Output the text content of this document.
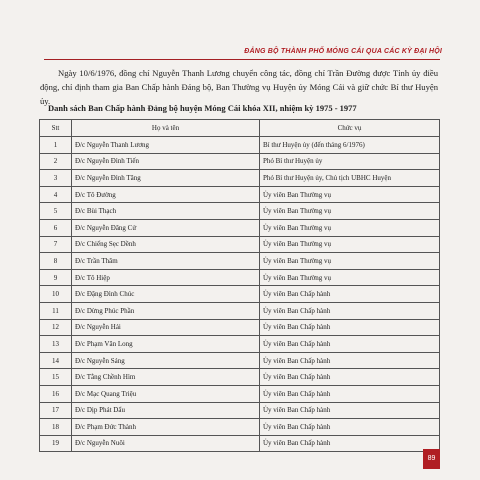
ĐẢNG BỘ THÀNH PHỐ MÓNG CÁI QUA CÁC KỲ ĐẠI HỘI

Ngày 10/6/1976, đồng chí Nguyễn Thanh Lương chuyển công tác, đồng chí Trần Đường được Tỉnh ủy điều động, chỉ định tham gia Ban Chấp hành Đảng bộ, Ban Thường vụ Huyện ủy Móng Cái và giữ chức Bí thư Huyện ủy.

Danh sách Ban Chấp hành Đảng bộ huyện Móng Cái khóa XII, nhiệm kỳ 1975 - 1977
Stt	Họ và tên	Chức vụ
1	Đ/c Nguyễn Thanh Lương	Bí thư Huyện ủy (đến tháng 6/1976)
2	Đ/c Nguyễn Đình Tiến	Phó Bí thư Huyện ủy
3	Đ/c Nguyễn Đình Tăng	Phó Bí thư Huyện ủy, Chủ tịch UBHC Huyện
4	Đ/c Tô Đường	Ủy viên Ban Thường vụ
5	Đ/c Bùi Thạch	Ủy viên Ban Thường vụ
6	Đ/c Nguyễn Đăng Cử	Ủy viên Ban Thường vụ
7	Đ/c Chiếng Sẹc Dềnh	Ủy viên Ban Thường vụ
8	Đ/c Trần Thâm	Ủy viên Ban Thường vụ
9	Đ/c Tô Hiệp	Ủy viên Ban Thường vụ
10	Đ/c Đặng Đình Chúc	Ủy viên Ban Chấp hành
11	Đ/c Dừng Phúc Phần	Ủy viên Ban Chấp hành
12	Đ/c Nguyễn Hải	Ủy viên Ban Chấp hành
13	Đ/c Phạm Văn Long	Ủy viên Ban Chấp hành
14	Đ/c Nguyễn Sáng	Ủy viên Ban Chấp hành
15	Đ/c Tằng Chềnh Hìm	Ủy viên Ban Chấp hành
16	Đ/c Mạc Quang Triệu	Ủy viên Ban Chấp hành
17	Đ/c Dịp Phát Dẩu	Ủy viên Ban Chấp hành
18	Đ/c Phạm Đức Thành	Ủy viên Ban Chấp hành
19	Đ/c Nguyễn Nuôi	Ủy viên Ban Chấp hành
89
